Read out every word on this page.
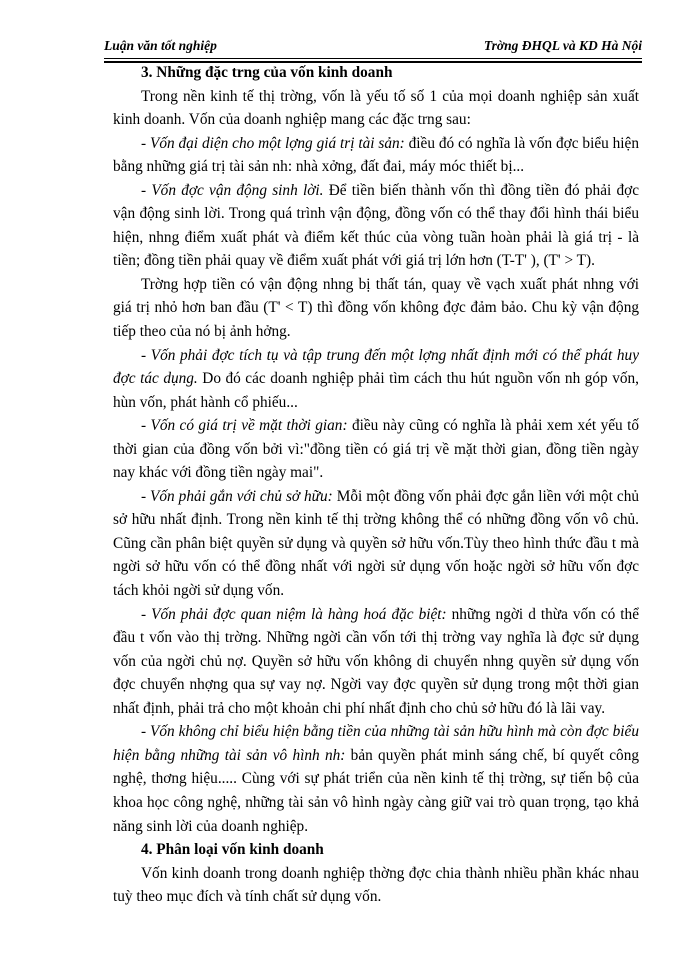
Luận văn tốt nghiệp	Trờng ĐHQL và KD Hà Nội
3. Những đặc trng của vốn kinh doanh

Trong nền kinh tế thị trờng, vốn là yếu tố số 1 của mọi doanh nghiệp sản xuất kinh doanh. Vốn của doanh nghiệp mang các đặc trng sau:

- Vốn đại diện cho một lợng giá trị tài sản: điều đó có nghĩa là vốn đợc biểu hiện bằng những giá trị tài sản nh: nhà xởng, đất đai, máy móc thiết bị...

- Vốn đợc vận động sinh lời. Để tiền biến thành vốn thì đồng tiền đó phải đợc vận động sinh lời. Trong quá trình vận động, đồng vốn có thể thay đổi hình thái biểu hiện, nhng điểm xuất phát và điểm kết thúc của vòng tuần hoàn phải là giá trị - là tiền; đồng tiền phải quay về điểm xuất phát với giá trị lớn hơn (T-T' ), (T' > T).

Trờng hợp tiền có vận động nhng bị thất tán, quay về vạch xuất phát nhng với giá trị nhỏ hơn ban đầu (T' < T) thì đồng vốn không đợc đảm bảo. Chu kỳ vận động tiếp theo của nó bị ảnh hởng.

- Vốn phải đợc tích tụ và tập trung đến một lợng nhất định mới có thể phát huy đợc tác dụng. Do đó các doanh nghiệp phải tìm cách thu hút nguồn vốn nh góp vốn, hùn vốn, phát hành cổ phiếu...

- Vốn có giá trị về mặt thời gian: điều này cũng có nghĩa là phải xem xét yếu tố thời gian của đồng vốn bởi vì:"đồng tiền có giá trị về mặt thời gian, đồng tiền ngày nay khác với đồng tiền ngày mai".

- Vốn phải gắn với chủ sở hữu: Mỗi một đồng vốn phải đợc gắn liền với một chủ sở hữu nhất định. Trong nền kinh tế thị trờng không thể có những đồng vốn vô chủ. Cũng cần phân biệt quyền sử dụng và quyền sở hữu vốn.Tùy theo hình thức đầu t mà ngời sở hữu vốn có thể đồng nhất với ngời sử dụng vốn hoặc ngời sở hữu vốn đợc tách khỏi ngời sử dụng vốn.

- Vốn phải đợc quan niệm là hàng hoá đặc biệt: những ngời d thừa vốn có thể đầu t vốn vào thị trờng. Những ngời cần vốn tới thị trờng vay nghĩa là đợc sử dụng vốn của ngời chủ nợ. Quyền sở hữu vốn không di chuyển nhng quyền sử dụng vốn đợc chuyển nhợng qua sự vay nợ. Ngời vay đợc quyền sử dụng trong một thời gian nhất định, phải trả cho một khoản chi phí nhất định cho chủ sở hữu đó là lãi vay.

- Vốn không chỉ biểu hiện bằng tiền của những tài sản hữu hình mà còn đợc biểu hiện bằng những tài sản vô hình nh: bản quyền phát minh sáng chế, bí quyết công nghệ, thơng hiệu..... Cùng với sự phát triển của nền kinh tế thị trờng, sự tiến bộ của khoa học công nghệ, những tài sản vô hình ngày càng giữ vai trò quan trọng, tạo khả năng sinh lời của doanh nghiệp.

4. Phân loại vốn kinh doanh

Vốn kinh doanh trong doanh nghiệp thờng đợc chia thành nhiều phần khác nhau tuỳ theo mục đích và tính chất sử dụng vốn.
